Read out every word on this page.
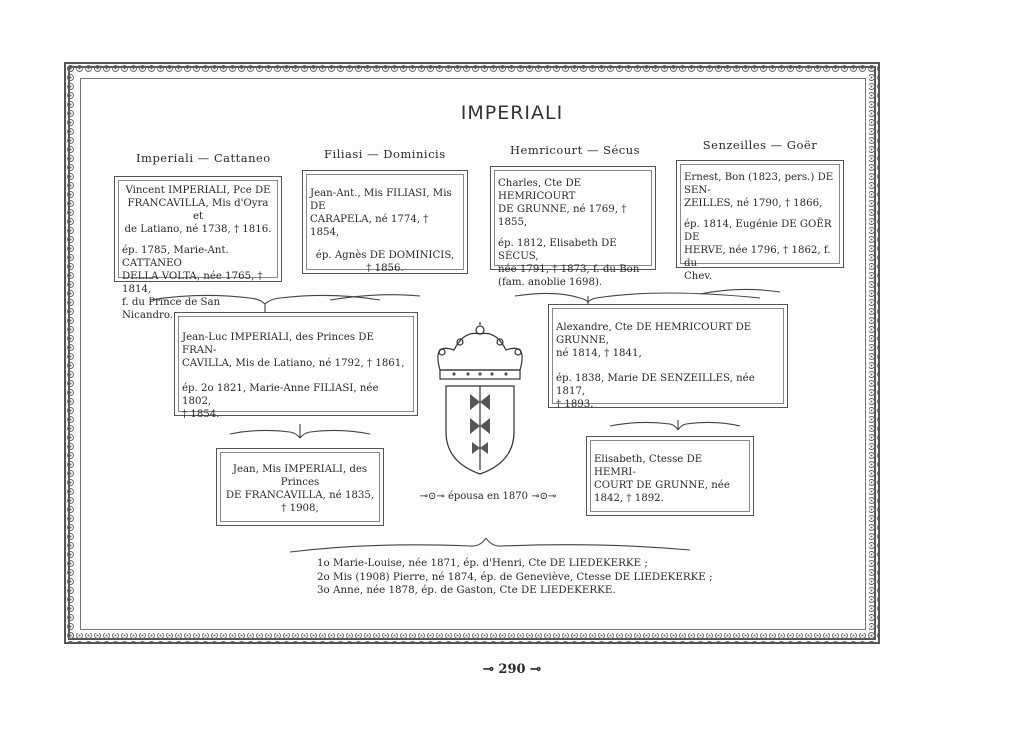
IMPERIALI
Imperiali — Cattaneo	Filiasi — Dominicis	Hemricourt — Sécus	Senzeilles — Goër

Vincent IMPERIALI, Pce DE
FRANCAVILLA, Mis d'Oyra et
de Latiano, né 1738, † 1816.

ép. 1785, Marie-Ant. CATTANEO
DELLA VOLTA, née 1765, † 1814,
f. du Prince de San Nicandro.

Jean-Ant., Mis FILIASI, Mis DE
CARAPELA, né 1774, † 1854,

ép. Agnès DE DOMINICIS,
† 1856.

Charles, Cte DE HEMRICOURT
DE GRUNNE, né 1769, † 1855,

ép. 1812, Elisabeth DE SÉCUS,
née 1791, † 1873, f. du Bon
(fam. anoblie 1698).

Ernest, Bon (1823, pers.) DE SEN-
ZEILLES, né 1790, † 1866,

ép. 1814, Eugénie DE GOËR DE
HERVE, née 1796, † 1862, f. du
Chev.

Jean-Luc IMPERIALI, des Princes DE FRAN-
CAVILLA, Mis de Latiano, né 1792, † 1861,

ép. 2o 1821, Marie-Anne FILIASI, née 1802,
† 1854.

Alexandre, Cte DE HEMRICOURT DE GRUNNE,
né 1814, † 1841,

ép. 1838, Marie DE SENZEILLES, née 1817,
† 1893.

Jean, Mis IMPERIALI, des Princes
DE FRANCAVILLA, né 1835,
† 1908,

Elisabeth, Ctesse DE HEMRI-
COURT DE GRUNNE, née
1842, † 1892.

⊸⊙⊸ épousa en 1870 ⊸⊙⊸
1o Marie-Louise, née 1871, ép. d'Henri, Cte DE LIEDEKERKE ;
2o Mis (1908) Pierre, né 1874, ép. de Geneviève, Ctesse DE LIEDEKERKE ;
3o Anne, née 1878, ép. de Gaston, Cte DE LIEDEKERKE.
⊸ 290 ⊸
